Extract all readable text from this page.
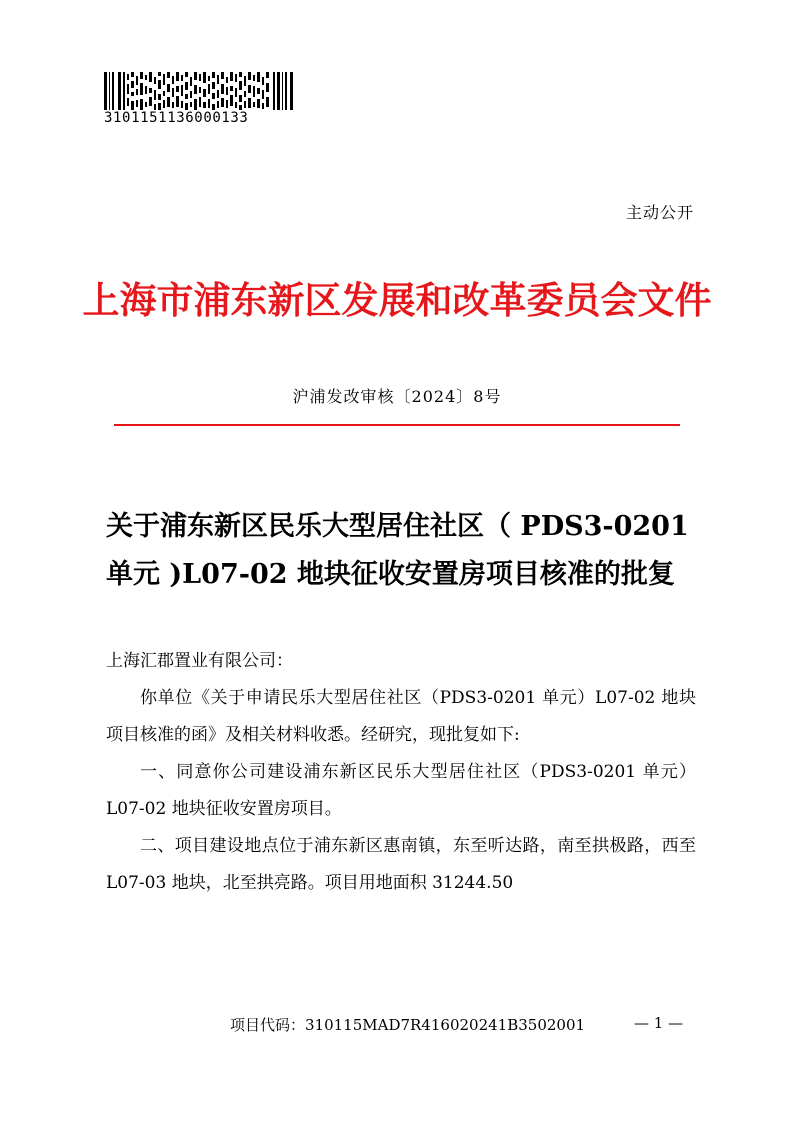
3101151136000133
主动公开
上海市浦东新区发展和改革委员会文件
沪浦发改审核〔2024〕8号
关于浦东新区民乐大型居住社区（ PDS3-0201
单元 )L07-02 地块征收安置房项目核准的批复
上海汇郡置业有限公司：

你单位《关于申请民乐大型居住社区（PDS3-0201 单元）L07-02 地块项目核准的函》及相关材料收悉。经研究，现批复如下:

一、同意你公司建设浦东新区民乐大型居住社区（PDS3-0201 单元）L07-02 地块征收安置房项目。

二、项目建设地点位于浦东新区惠南镇，东至听达路，南至拱极路，西至 L07-03 地块，北至拱亮路。项目用地面积 31244.50

项目代码：310115MAD7R416020241B3502001	— 1 —
